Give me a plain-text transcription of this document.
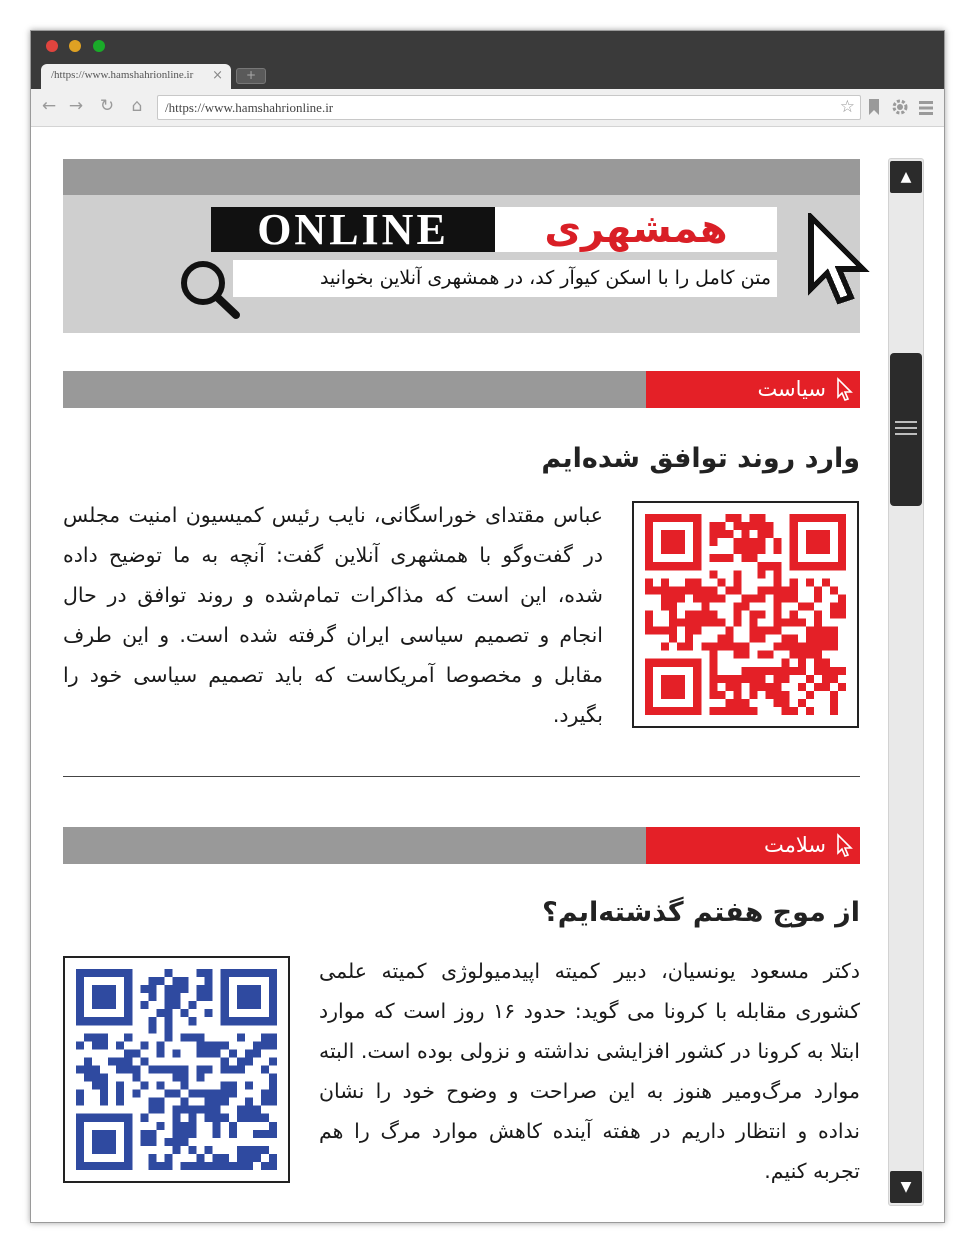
/https://www.hamshahrionline.ir ×	+
← → ↻ ⌂	/https://www.hamshahrionline.ir	☆
ONLINE	همشهری
متن کامل را با اسکن کیوآر کد، در همشهری آنلاین بخوانید
سیاست
وارد روند توافق شده‌ایم
عباس مقتدای خوراسگانی، نایب رئیس کمیسیون امنیت مجلس در گفت‌وگو با همشهری آنلاین گفت: آنچه به ما توضیح داده شده، این است که مذاکرات تمام‌شده و روند توافق در حال انجام و تصمیم سیاسی ایران گرفته شده است. و این طرف مقابل و مخصوصا آمریکاست که باید تصمیم سیاسی خود را بگیرد.
سلامت
از موج هفتم گذشته‌ایم؟
دکتر مسعود یونسیان، دبیر کمیته اپیدمیولوژی کمیته علمی کشوری مقابله با کرونا می گوید: حدود ۱۶ روز است که موارد ابتلا به کرونا در کشور افزایشی نداشته و نزولی بوده است. البته موارد مرگ‌ومیر هنوز به این صراحت و وضوح خود را نشان نداده و انتظار داریم در هفته آینده کاهش موارد مرگ را هم تجربه کنیم.
▲
▼
